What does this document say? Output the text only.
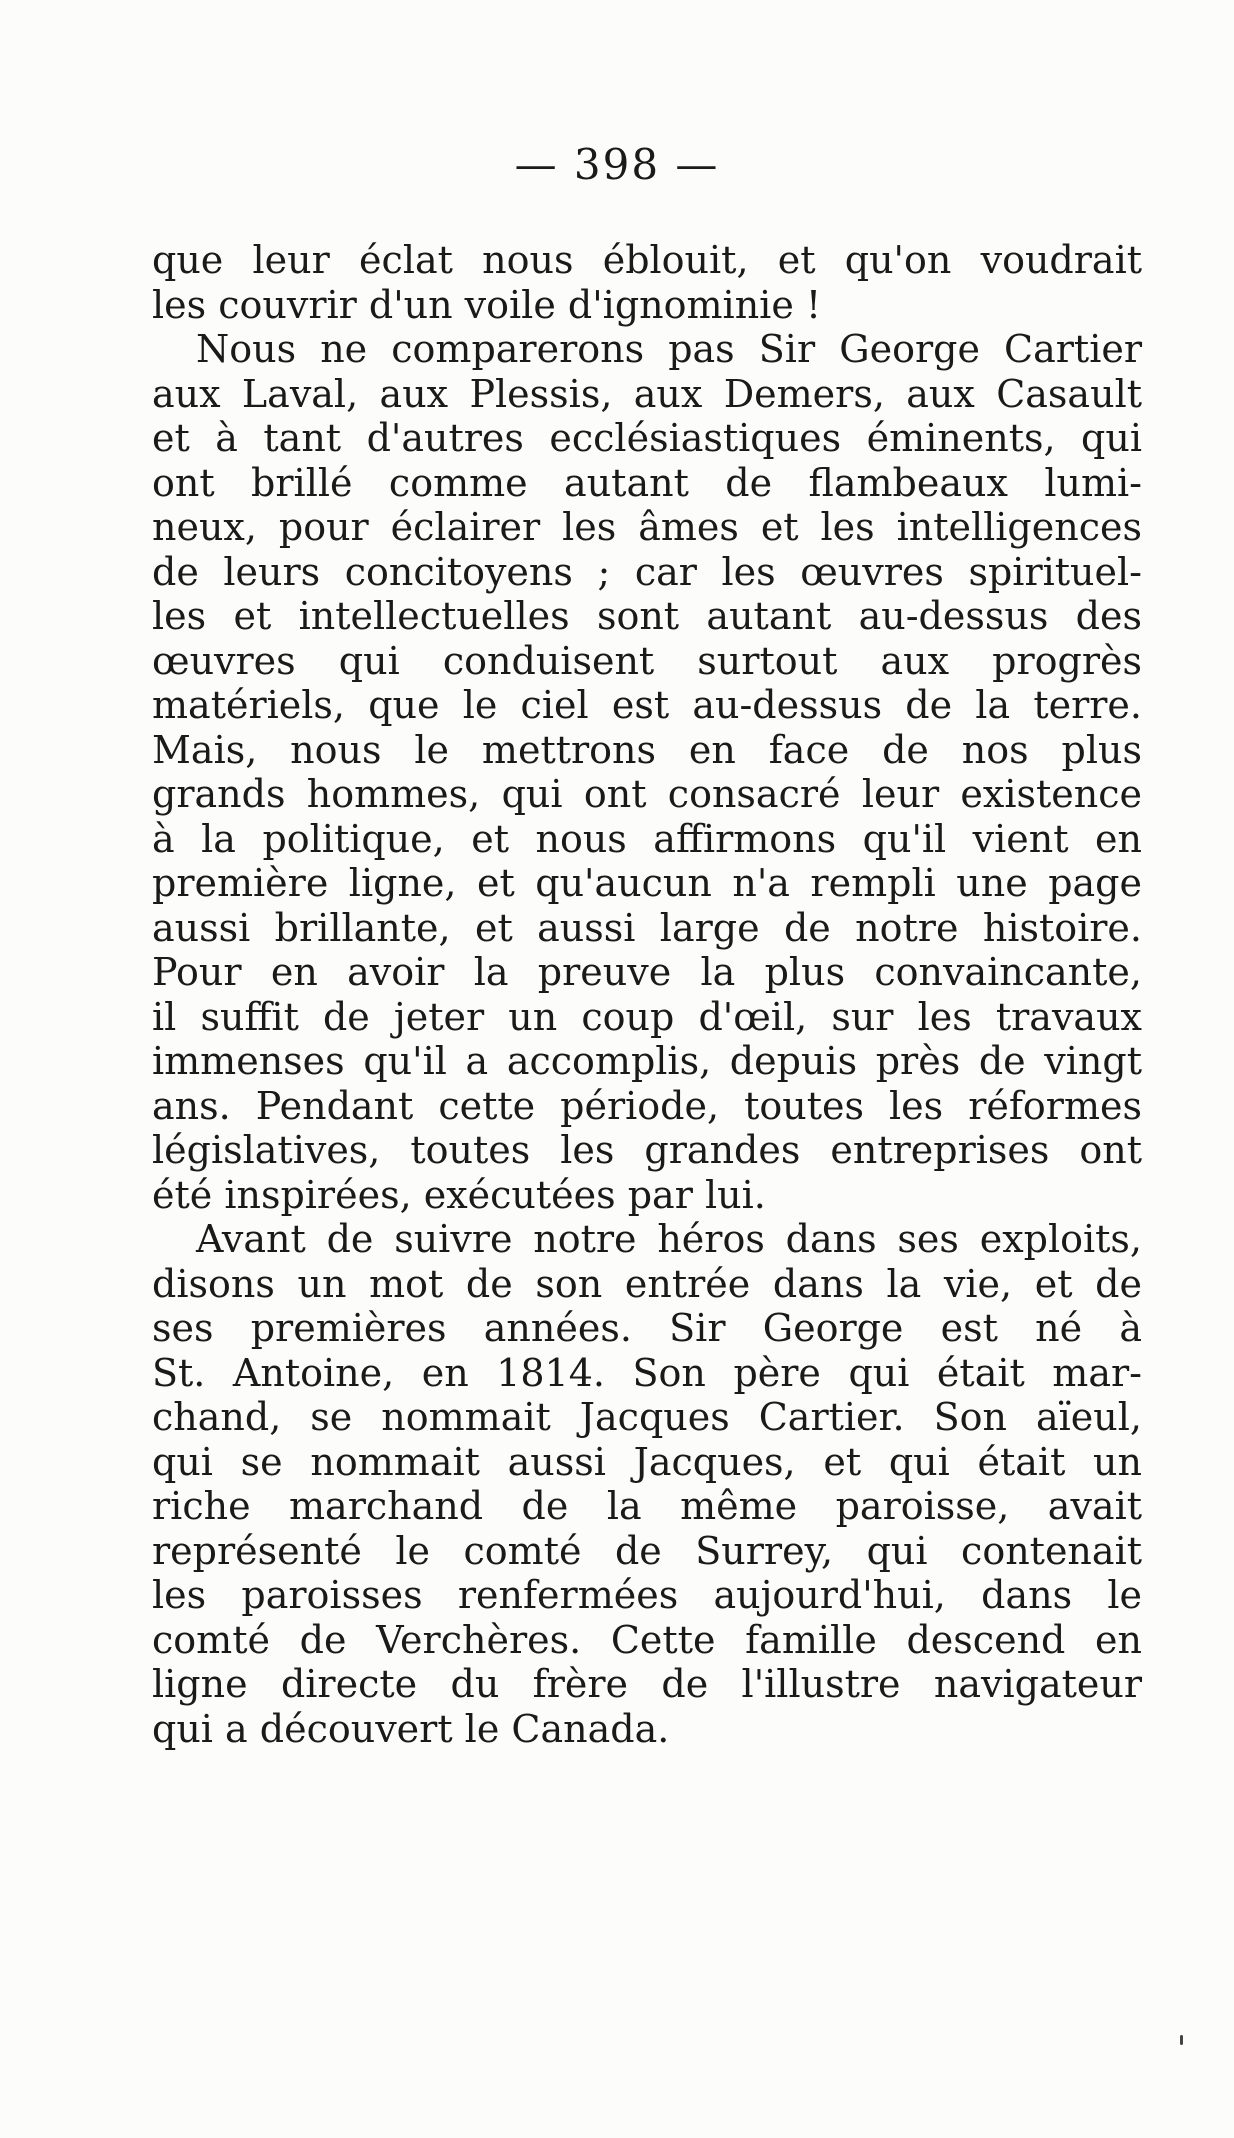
— 398 —
que leur éclat nous éblouit, et qu'on voudrait
les couvrir d'un voile d'ignominie !
Nous ne comparerons pas Sir George Cartier
aux Laval, aux Plessis, aux Demers, aux Casault
et à tant d'autres ecclésiastiques éminents, qui
ont brillé comme autant de flambeaux lumi-
neux, pour éclairer les âmes et les intelligences
de leurs concitoyens ; car les œuvres spirituel-
les et intellectuelles sont autant au-dessus des
œuvres qui conduisent surtout aux progrès
matériels, que le ciel est au-dessus de la terre.
Mais, nous le mettrons en face de nos plus
grands hommes, qui ont consacré leur existence
à la politique, et nous affirmons qu'il vient en
première ligne, et qu'aucun n'a rempli une page
aussi brillante, et aussi large de notre histoire.
Pour en avoir la preuve la plus convaincante,
il suffit de jeter un coup d'œil, sur les travaux
immenses qu'il a accomplis, depuis près de vingt
ans. Pendant cette période, toutes les réformes
législatives, toutes les grandes entreprises ont
été inspirées, exécutées par lui.
Avant de suivre notre héros dans ses exploits,
disons un mot de son entrée dans la vie, et de
ses premières années. Sir George est né à
St. Antoine, en 1814. Son père qui était mar-
chand, se nommait Jacques Cartier. Son aïeul,
qui se nommait aussi Jacques, et qui était un
riche marchand de la même paroisse, avait
représenté le comté de Surrey, qui contenait
les paroisses renfermées aujourd'hui, dans le
comté de Verchères. Cette famille descend en
ligne directe du frère de l'illustre navigateur
qui a découvert le Canada.
